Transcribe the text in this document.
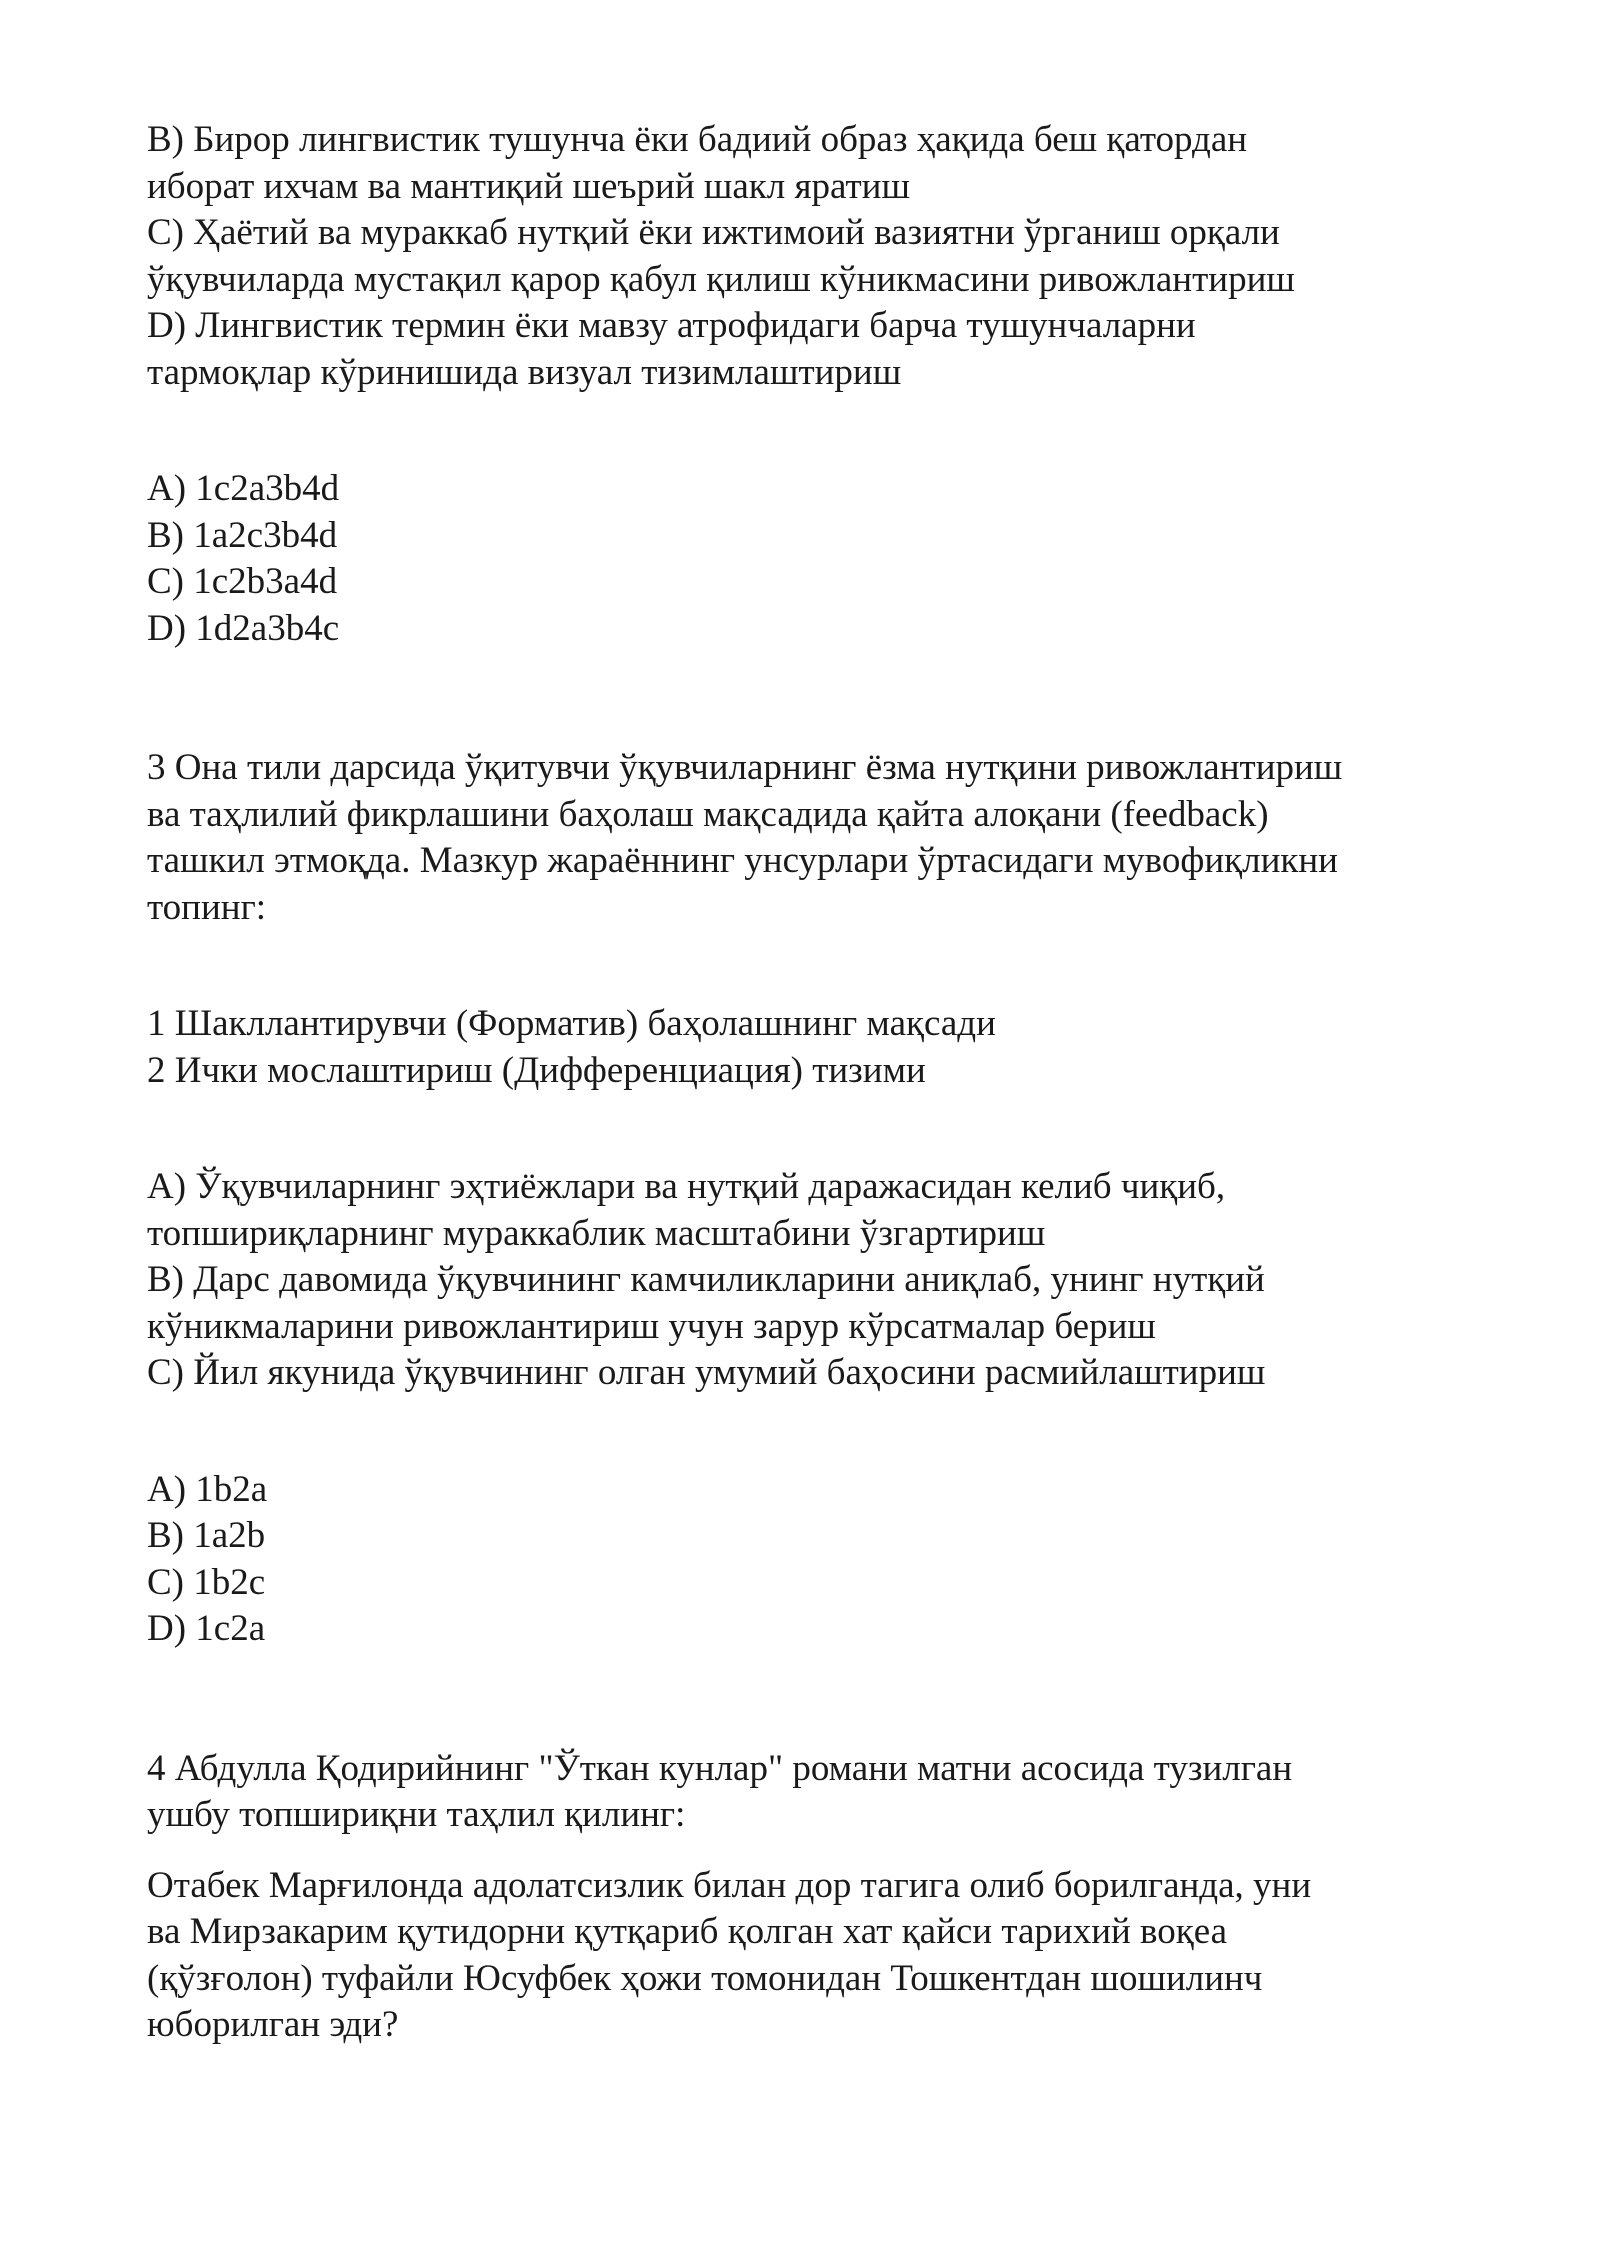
B) Бирор лингвистик тушунча ёки бадиий образ ҳақида беш қатордан
иборат ихчам ва мантиқий шеърий шакл яратиш
C) Ҳаётий ва мураккаб нутқий ёки ижтимоий вазиятни ўрганиш орқали
ўқувчиларда мустақил қарор қабул қилиш кўникмасини ривожлантириш
D) Лингвистик термин ёки мавзу атрофидаги барча тушунчаларни
тармоқлар кўринишида визуал тизимлаштириш
A) 1c2a3b4d
B) 1a2c3b4d
C) 1c2b3a4d
D) 1d2a3b4c
3 Она тили дарсида ўқитувчи ўқувчиларнинг ёзма нутқини ривожлантириш
ва таҳлилий фикрлашини баҳолаш мақсадида қайта алоқани (feedback)
ташкил этмоқда. Мазкур жараённинг унсурлари ўртасидаги мувофиқликни
топинг:
1 Шакллантирувчи (Форматив) баҳолашнинг мақсади
2 Ички мослаштириш (Дифференциация) тизими
A) Ўқувчиларнинг эҳтиёжлари ва нутқий даражасидан келиб чиқиб,
топшириқларнинг мураккаблик масштабини ўзгартириш
B) Дарс давомида ўқувчининг камчиликларини аниқлаб, унинг нутқий
кўникмаларини ривожлантириш учун зарур кўрсатмалар бериш
C) Йил якунида ўқувчининг олган умумий баҳосини расмийлаштириш
A) 1b2a
B) 1a2b
C) 1b2c
D) 1c2a
4 Абдулла Қодирийнинг "Ўткан кунлар" романи матни асосида тузилган
ушбу топшириқни таҳлил қилинг:
Отабек Марғилонда адолатсизлик билан дор тагига олиб борилганда, уни
ва Мирзакарим қутидорни қутқариб қолган хат қайси тарихий воқеа
(қўзғолон) туфайли Юсуфбек ҳожи томонидан Тошкентдан шошилинч
юборилган эди?
